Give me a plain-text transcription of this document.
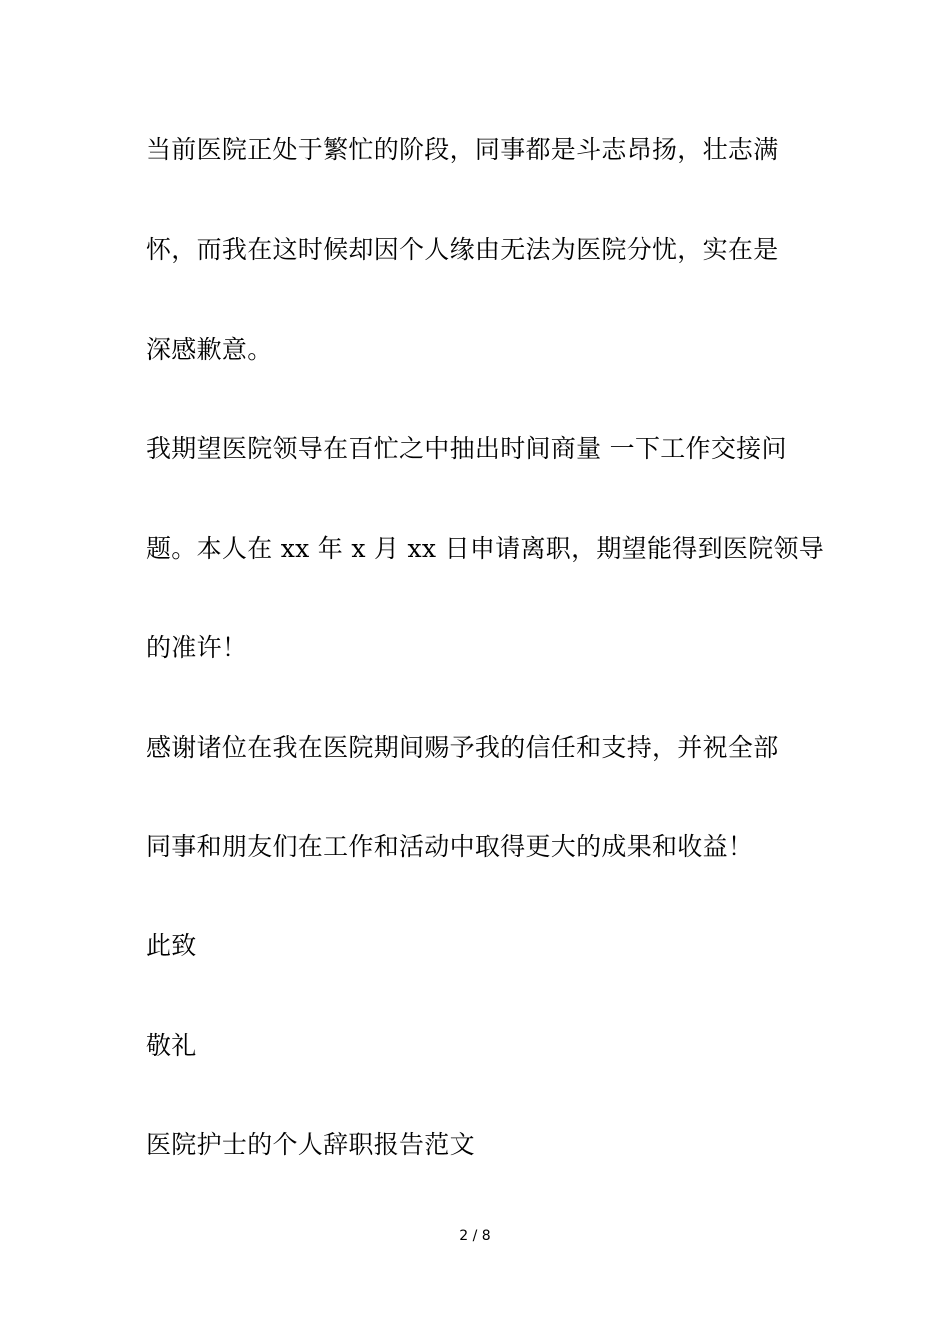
当前医院正处于繁忙的阶段，同事都是斗志昂扬，壮志满
怀，而我在这时候却因个人缘由无法为医院分忧，实在是
深感歉意。
我期望医院领导在百忙之中抽出时间商量 一下工作交接问
题。本人在 xx 年 x 月 xx 日申请离职，期望能得到医院领导
的准许！
感谢诸位在我在医院期间赐予我的信任和支持，并祝全部
同事和朋友们在工作和活动中取得更大的成果和收益！
此致
敬礼
医院护士的个人辞职报告范文
2 / 8
